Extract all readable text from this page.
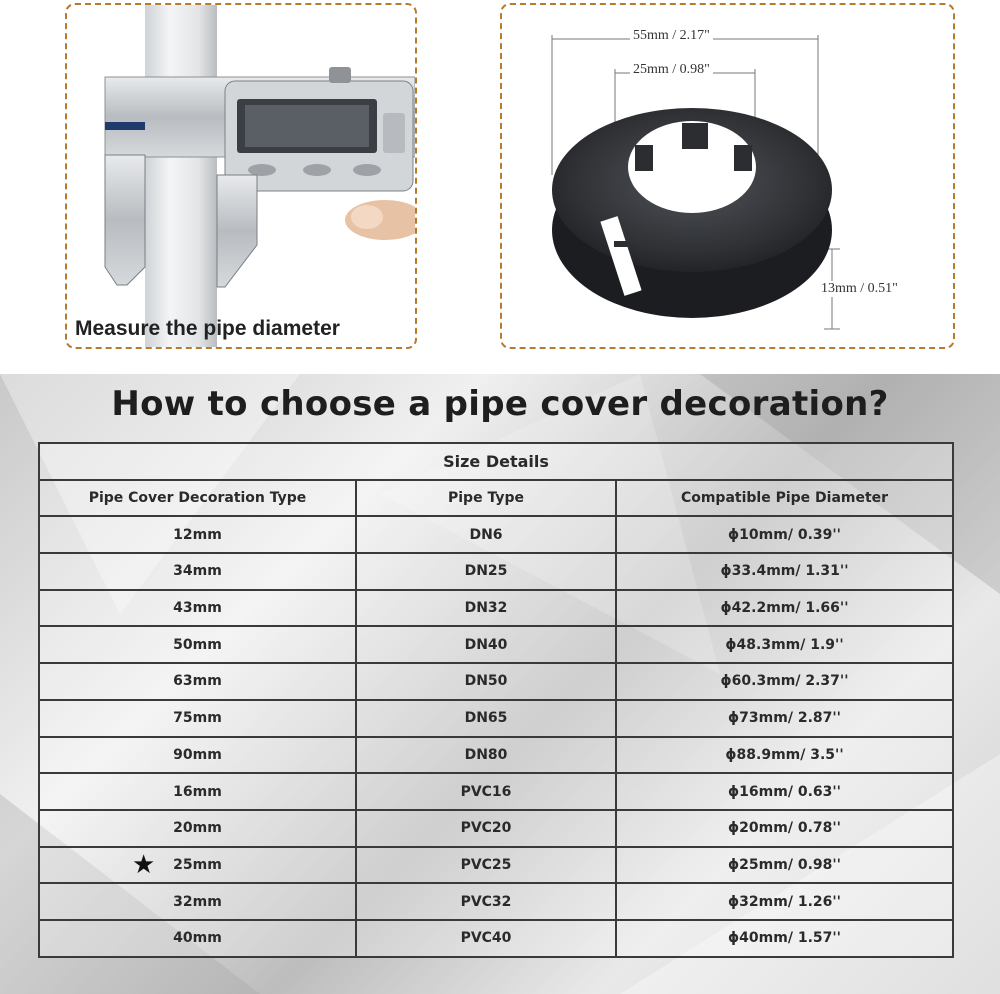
Measure the pipe diameter
55mm / 2.17"
25mm / 0.98"
13mm / 0.51"
How to choose a pipe cover decoration?
Size Details		
Pipe Cover Decoration Type	Pipe Type	Compatible Pipe Diameter
12mm	DN6	ϕ10mm/ 0.39''
34mm	DN25	ϕ33.4mm/ 1.31''
43mm	DN32	ϕ42.2mm/ 1.66''
50mm	DN40	ϕ48.3mm/ 1.9''
63mm	DN50	ϕ60.3mm/ 2.37''
75mm	DN65	ϕ73mm/ 2.87''
90mm	DN80	ϕ88.9mm/ 3.5''
16mm	PVC16	ϕ16mm/ 0.63''
20mm	PVC20	ϕ20mm/ 0.78''

★ 25mm	PVC25	ϕ25mm/ 0.98''
32mm	PVC32	ϕ32mm/ 1.26''
40mm	PVC40	ϕ40mm/ 1.57''
